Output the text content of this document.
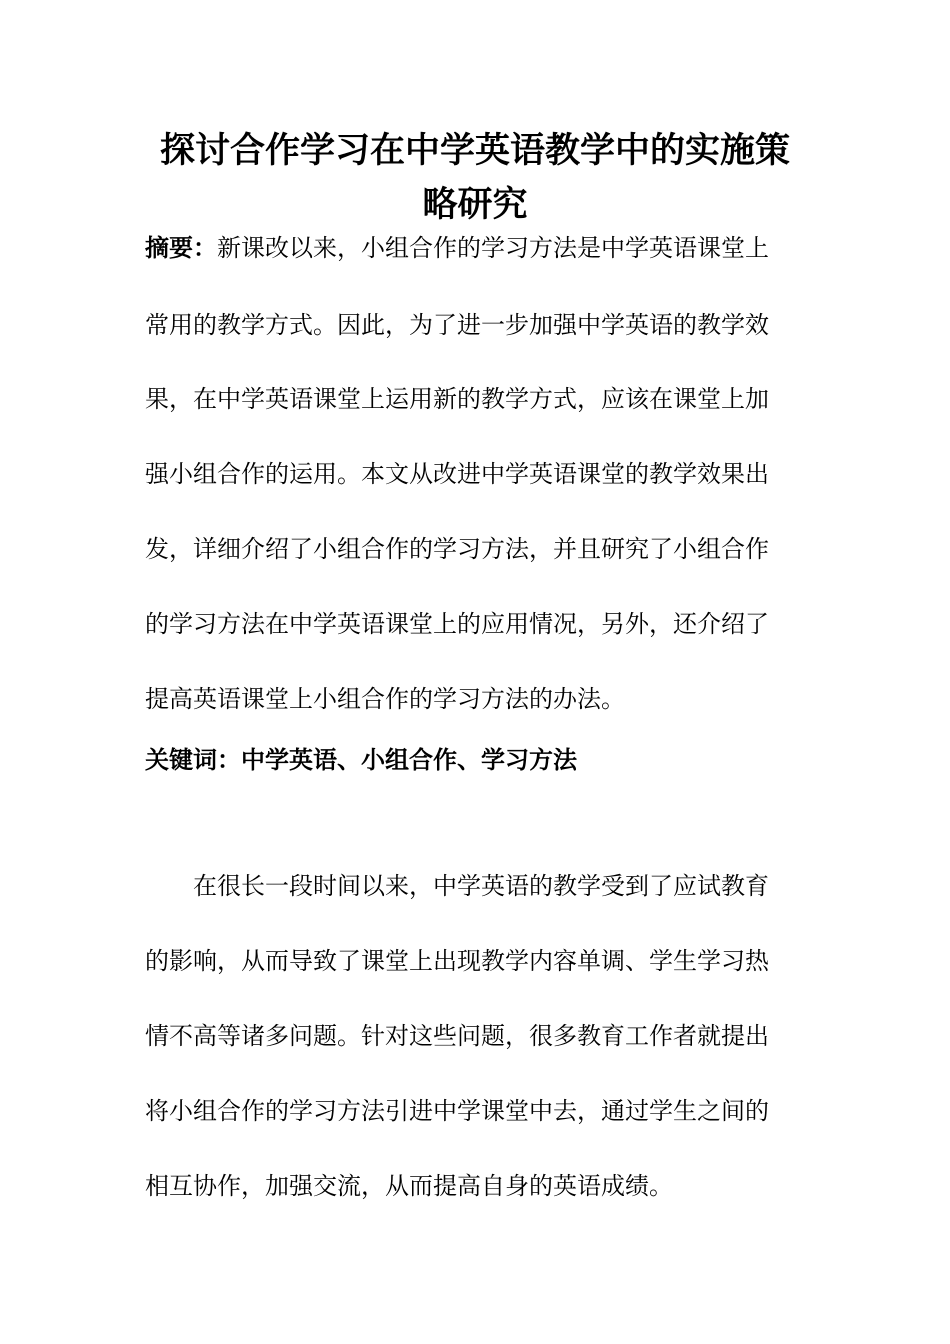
探讨合作学习在中学英语教学中的实施策
略研究

摘要：新课改以来，小组合作的学习方法是中学英语课堂上

常用的教学方式。因此，为了进一步加强中学英语的教学效

果，在中学英语课堂上运用新的教学方式，应该在课堂上加

强小组合作的运用。本文从改进中学英语课堂的教学效果出

发，详细介绍了小组合作的学习方法，并且研究了小组合作

的学习方法在中学英语课堂上的应用情况，另外，还介绍了

提高英语课堂上小组合作的学习方法的办法。

关键词：中学英语、小组合作、学习方法

　　在很长一段时间以来，中学英语的教学受到了应试教育

的影响，从而导致了课堂上出现教学内容单调、学生学习热

情不高等诸多问题。针对这些问题，很多教育工作者就提出

将小组合作的学习方法引进中学课堂中去，通过学生之间的

相互协作，加强交流，从而提高自身的英语成绩。
